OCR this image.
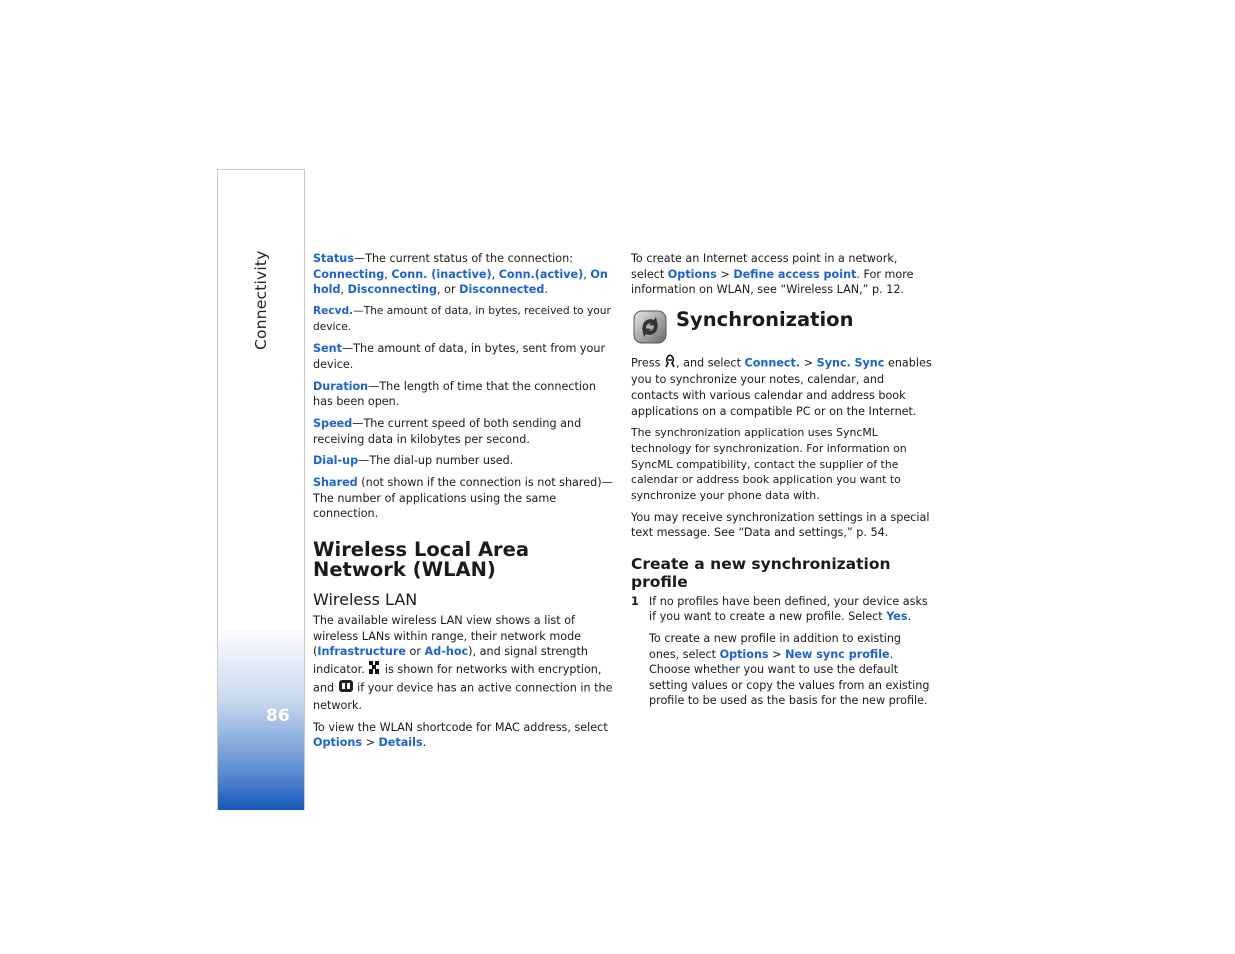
Connectivity
86

Status—The current status of the connection: Connecting, Conn. (inactive), Conn.(active), On hold, Disconnecting, or Disconnected.

Recvd.—The amount of data, in bytes, received to your device.

Sent—The amount of data, in bytes, sent from your device.

Duration—The length of time that the connection has been open.

Speed—The current speed of both sending and receiving data in kilobytes per second.

Dial-up—The dial-up number used.

Shared (not shown if the connection is not shared)— The number of applications using the same connection.

Wireless Local Area Network (WLAN)
Wireless LAN

The available wireless LAN view shows a list of wireless LANs within range, their network mode (Infrastructure or Ad-hoc), and signal strength indicator.  is shown for networks with encryption, and  if your device has an active connection in the network.

To view the WLAN shortcode for MAC address, select Options > Details.

To create an Internet access point in a network, select Options > Define access point. For more information on WLAN, see “Wireless LAN,” p. 12.

Synchronization

Press , and select Connect. > Sync. Sync enables you to synchronize your notes, calendar, and contacts with various calendar and address book applications on a compatible PC or on the Internet.

The synchronization application uses SyncML technology for synchronization. For information on SyncML compatibility, contact the supplier of the calendar or address book application you want to synchronize your phone data with.

You may receive synchronization settings in a special text message. See “Data and settings,” p. 54.

Create a new synchronization profile
1 If no profiles have been defined, your device asks if you want to create a new profile. Select Yes.

To create a new profile in addition to existing ones, select Options > New sync profile. Choose whether you want to use the default setting values or copy the values from an existing profile to be used as the basis for the new profile.
